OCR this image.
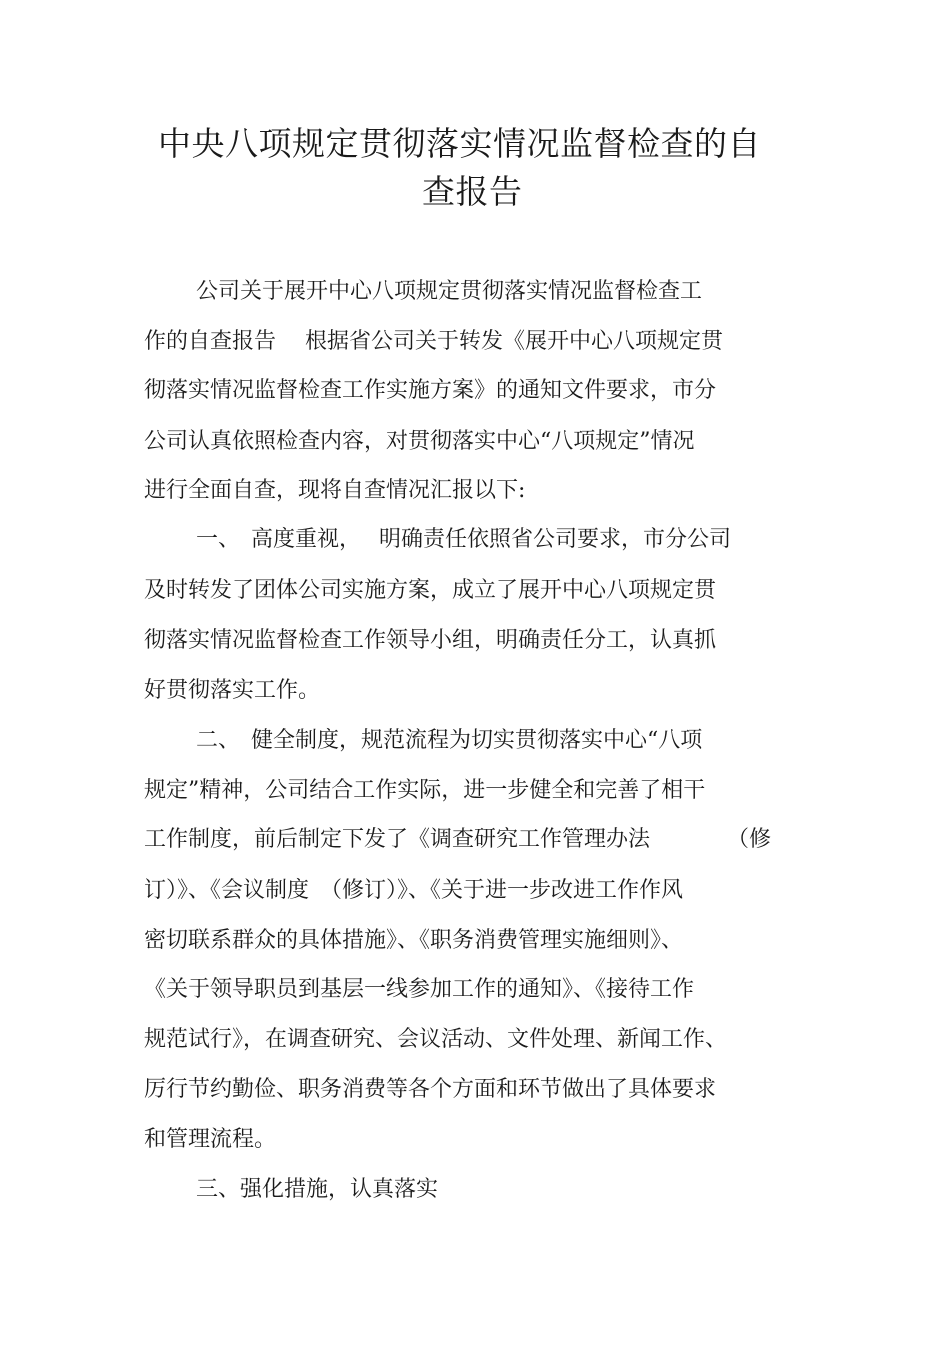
中央八项规定贯彻落实情况监督检查的自
查报告
公司关于展开中心八项规定贯彻落实情况监督检查工
作的自查报告　 根据省公司关于转发《展开中心八项规定贯
彻落实情况监督检查工作实施方案》的通知文件要求，市分
公司认真依照检查内容，对贯彻落实中心“八项规定”情况
进行全面自查，现将自查情况汇报以下:
一、　高度重视，　 明确责任依照省公司要求，市分公司
及时转发了团体公司实施方案，成立了展开中心八项规定贯
彻落实情况监督检查工作领导小组，明确责任分工，认真抓
好贯彻落实工作。
二、　健全制度，规范流程为切实贯彻落实中心“八项
规定”精神，公司结合工作实际，进一步健全和完善了相干
工作制度，前后制定下发了《调查研究工作管理办法　　　　（修
订）》、《会议制度　（修订）》、《关于进一步改进工作作风
密切联系群众的具体措施》、《职务消费管理实施细则》、
《关于领导职员到基层一线参加工作的通知》、《接待工作
规范试行》，在调查研究、会议活动、文件处理、新闻工作、
厉行节约勤俭、职务消费等各个方面和环节做出了具体要求
和管理流程。
三、强化措施，认真落实
